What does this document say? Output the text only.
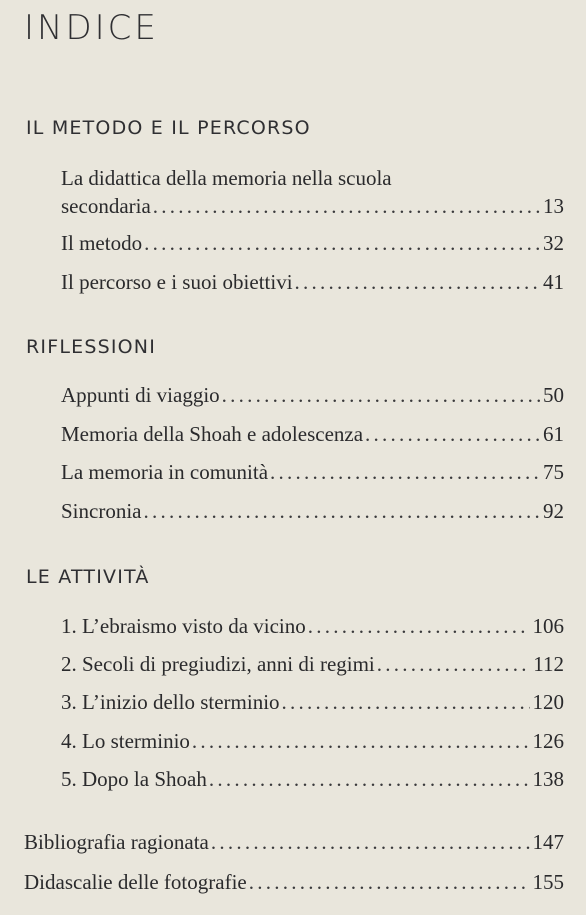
INDICE
IL METODO E IL PERCORSO
La didattica della memoria nella scuola
secondaria . . .	13
Il metodo . . .	32
Il percorso e i suoi obiettivi . . .	41
RIFLESSIONI
Appunti di viaggio . . .	50
Memoria della Shoah e adolescenza . . .	61
La memoria in comunità . . .	75
Sincronia . . .	92
LE ATTIVITÀ
1. L’ebraismo visto da vicino . . .	106
2. Secoli di pregiudizi, anni di regimi . . .	112
3. L’inizio dello sterminio . . .	120
4. Lo sterminio . . .	126
5. Dopo la Shoah . . .	138
Bibliografia ragionata . . .	147
Didascalie delle fotografie . . .	155
